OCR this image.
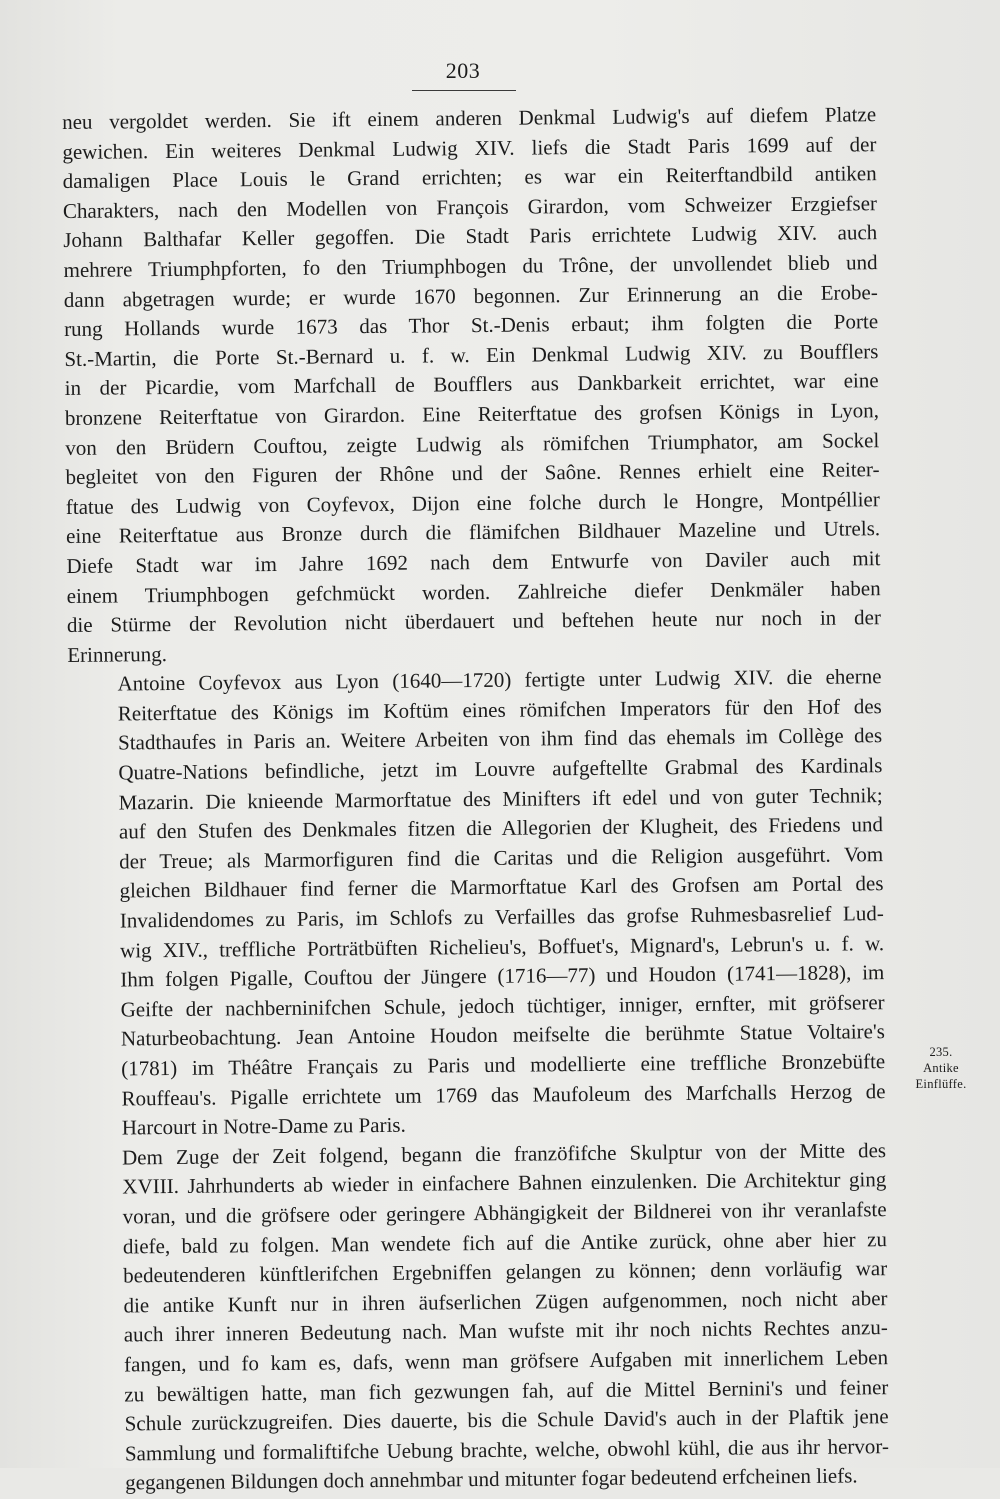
203

neu vergoldet werden. Sie ift einem anderen Denkmal Ludwig's auf diefem Platze
gewichen. Ein weiteres Denkmal Ludwig XIV. liefs die Stadt Paris 1699 auf der
damaligen Place Louis le Grand errichten; es war ein Reiterftandbild antiken
Charakters, nach den Modellen von François Girardon, vom Schweizer Erzgiefser
Johann Balthafar Keller gegoffen. Die Stadt Paris errichtete Ludwig XIV. auch
mehrere Triumphpforten, fo den Triumphbogen du Trône, der unvollendet blieb und
dann abgetragen wurde; er wurde 1670 begonnen. Zur Erinnerung an die Erobe-
rung Hollands wurde 1673 das Thor St.-Denis erbaut; ihm folgten die Porte
St.-Martin, die Porte St.-Bernard u. f. w. Ein Denkmal Ludwig XIV. zu Boufflers
in der Picardie, vom Marfchall de Boufflers aus Dankbarkeit errichtet, war eine
bronzene Reiterftatue von Girardon. Eine Reiterftatue des grofsen Königs in Lyon,
von den Brüdern Couftou, zeigte Ludwig als römifchen Triumphator, am Sockel
begleitet von den Figuren der Rhône und der Saône. Rennes erhielt eine Reiter-
ftatue des Ludwig von Coyfevox, Dijon eine folche durch le Hongre, Montpéllier
eine Reiterftatue aus Bronze durch die flämifchen Bildhauer Mazeline und Utrels.
Diefe Stadt war im Jahre 1692 nach dem Entwurfe von Daviler auch mit
einem Triumphbogen gefchmückt worden. Zahlreiche diefer Denkmäler haben
die Stürme der Revolution nicht überdauert und beftehen heute nur noch in der
Erinnerung.

Antoine Coyfevox aus Lyon (1640—1720) fertigte unter Ludwig XIV. die eherne
Reiterftatue des Königs im Koftüm eines römifchen Imperators für den Hof des
Stadthaufes in Paris an. Weitere Arbeiten von ihm find das ehemals im Collège des
Quatre-Nations befindliche, jetzt im Louvre aufgeftellte Grabmal des Kardinals
Mazarin. Die knieende Marmorftatue des Minifters ift edel und von guter Technik;
auf den Stufen des Denkmales fitzen die Allegorien der Klugheit, des Friedens und
der Treue; als Marmorfiguren find die Caritas und die Religion ausgeführt. Vom
gleichen Bildhauer find ferner die Marmorftatue Karl des Grofsen am Portal des
Invalidendomes zu Paris, im Schlofs zu Verfailles das grofse Ruhmesbasrelief Lud-
wig XIV., treffliche Porträtbüften Richelieu's, Boffuet's, Mignard's, Lebrun's u. f. w.
Ihm folgen Pigalle, Couftou der Jüngere (1716—77) und Houdon (1741—1828), im
Geifte der nachberninifchen Schule, jedoch tüchtiger, inniger, ernfter, mit gröfserer
Naturbeobachtung. Jean Antoine Houdon meifselte die berühmte Statue Voltaire's
(1781) im Théâtre Français zu Paris und modellierte eine treffliche Bronzebüfte
Rouffeau's. Pigalle errichtete um 1769 das Maufoleum des Marfchalls Herzog de
Harcourt in Notre-Dame zu Paris.

Dem Zuge der Zeit folgend, begann die franzöfifche Skulptur von der Mitte des
XVIII. Jahrhunderts ab wieder in einfachere Bahnen einzulenken. Die Architektur ging
voran, und die gröfsere oder geringere Abhängigkeit der Bildnerei von ihr veranlafste
diefe, bald zu folgen. Man wendete fich auf die Antike zurück, ohne aber hier zu
bedeutenderen künftlerifchen Ergebniffen gelangen zu können; denn vorläufig war
die antike Kunft nur in ihren äufserlichen Zügen aufgenommen, noch nicht aber
auch ihrer inneren Bedeutung nach. Man wufste mit ihr noch nichts Rechtes anzu-
fangen, und fo kam es, dafs, wenn man gröfsere Aufgaben mit innerlichem Leben
zu bewältigen hatte, man fich gezwungen fah, auf die Mittel Bernini's und feiner
Schule zurückzugreifen. Dies dauerte, bis die Schule David's auch in der Plaftik jene
Sammlung und formaliftifche Uebung brachte, welche, obwohl kühl, die aus ihr hervor-
gegangenen Bildungen doch annehmbar und mitunter fogar bedeutend erfcheinen liefs.

235.
Antike
Einflüffe.
